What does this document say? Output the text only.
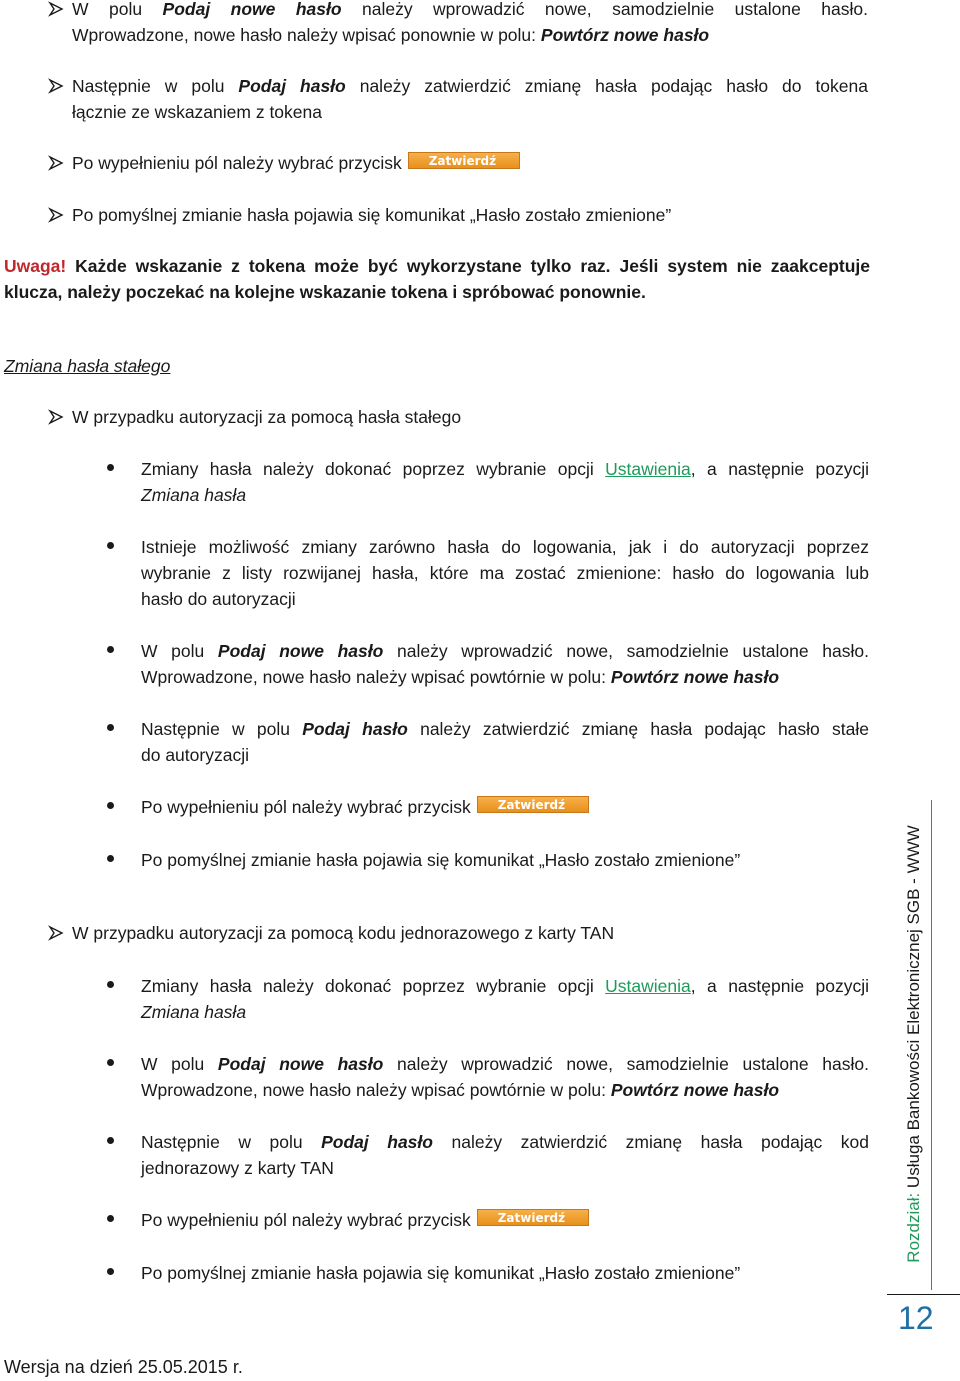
W polu Podaj nowe hasło należy wprowadzić nowe, samodzielnie ustalone hasło.
Wprowadzone, nowe hasło należy wpisać ponownie w polu: Powtórz nowe hasło
Następnie w polu Podaj hasło należy zatwierdzić zmianę hasła podając hasło do tokena
łącznie ze wskazaniem z tokena
Po wypełnieniu pól należy wybrać przycisk Zatwierdź
Po pomyślnej zmianie hasła pojawia się komunikat „Hasło zostało zmienione”
Uwaga! Każde wskazanie z tokena może być wykorzystane tylko raz. Jeśli system nie zaakceptuje
klucza, należy poczekać na kolejne wskazanie tokena i spróbować ponownie.
Zmiana hasła stałego
W przypadku autoryzacji za pomocą hasła stałego
Zmiany hasła należy dokonać poprzez wybranie opcji Ustawienia, a następnie pozycji
Zmiana hasła
Istnieje możliwość zmiany zarówno hasła do logowania, jak i do autoryzacji poprzez
wybranie z listy rozwijanej hasła, które ma zostać zmienione: hasło do logowania lub
hasło do autoryzacji
W polu Podaj nowe hasło należy wprowadzić nowe, samodzielnie ustalone hasło.
Wprowadzone, nowe hasło należy wpisać powtórnie w polu: Powtórz nowe hasło
Następnie w polu Podaj hasło należy zatwierdzić zmianę hasła podając hasło stałe
do autoryzacji
Po wypełnieniu pól należy wybrać przycisk Zatwierdź
Po pomyślnej zmianie hasła pojawia się komunikat „Hasło zostało zmienione”
W przypadku autoryzacji za pomocą kodu jednorazowego z karty TAN
Zmiany hasła należy dokonać poprzez wybranie opcji Ustawienia, a następnie pozycji
Zmiana hasła
W polu Podaj nowe hasło należy wprowadzić nowe, samodzielnie ustalone hasło.
Wprowadzone, nowe hasło należy wpisać powtórnie w polu: Powtórz nowe hasło
Następnie w polu Podaj hasło należy zatwierdzić zmianę hasła podając kod
jednorazowy z karty TAN
Po wypełnieniu pól należy wybrać przycisk Zatwierdź
Po pomyślnej zmianie hasła pojawia się komunikat „Hasło zostało zmienione”
Rozdział: Usługa Bankowości Elektronicznej SGB - WWW
12
Wersja na dzień 25.05.2015 r.
